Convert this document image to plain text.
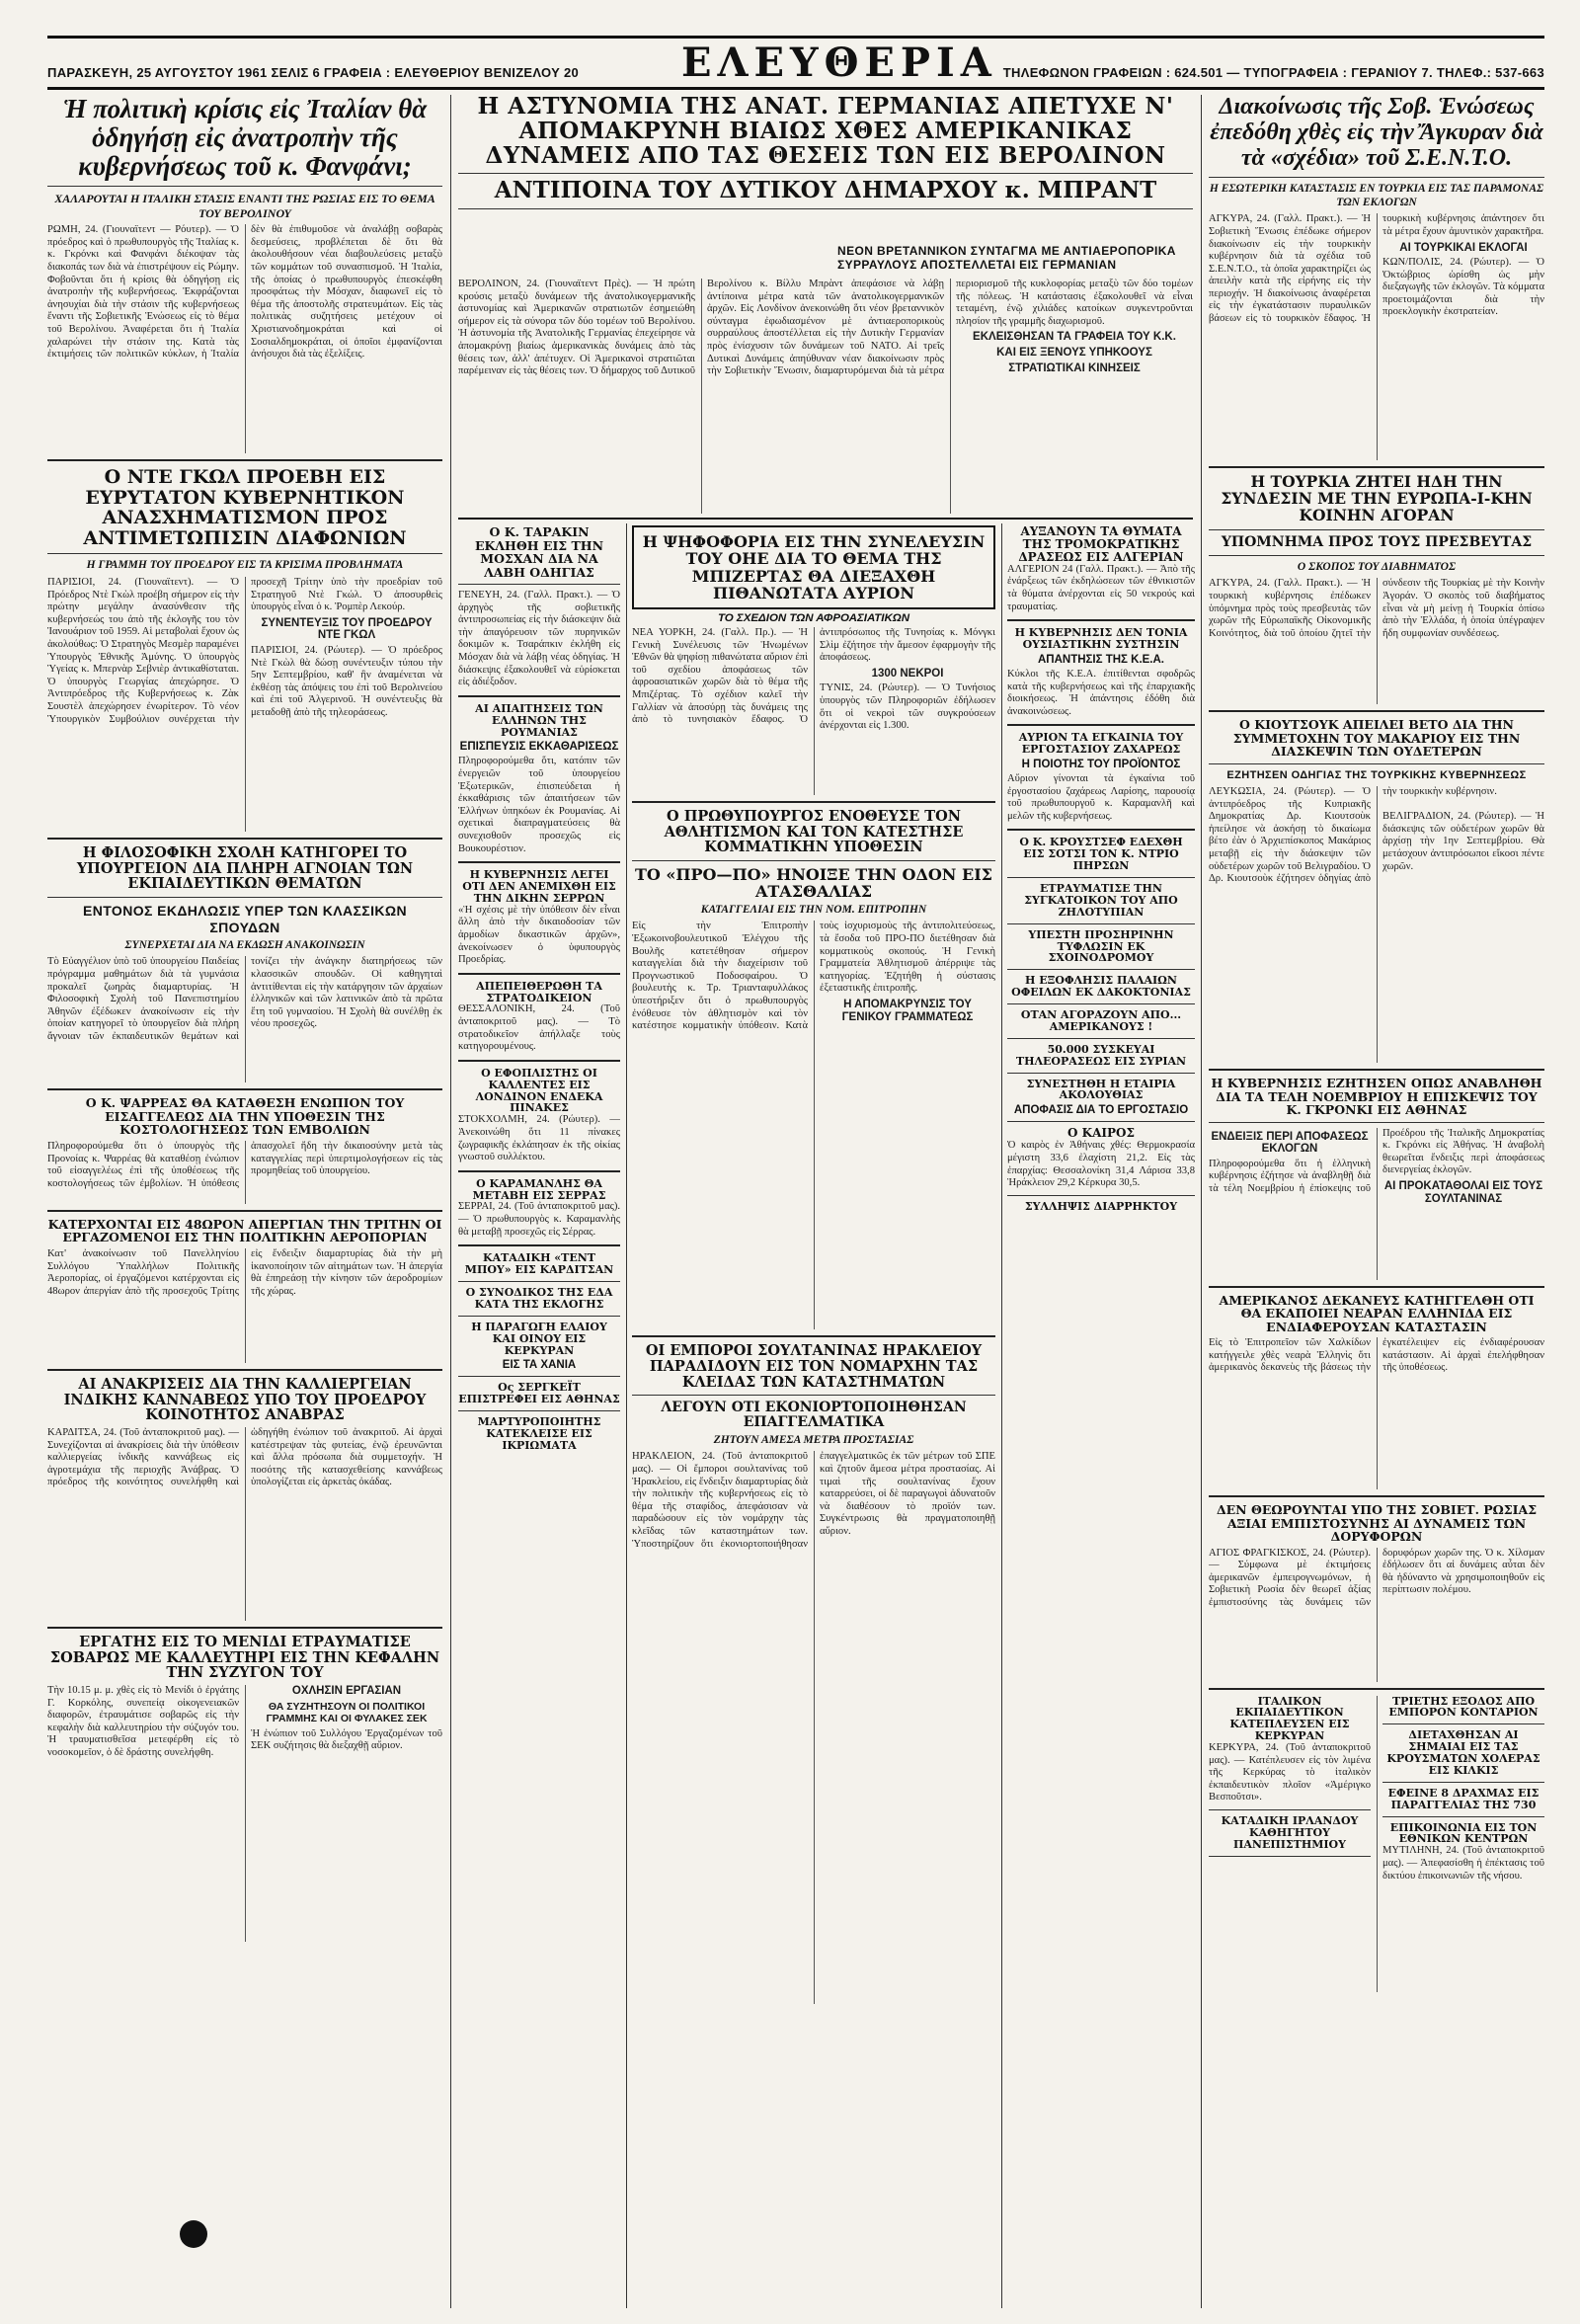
ΕΛΕΥΘΕΡΙΑ
ΠΑΡΑΣΚΕΥΗ, 25 ΑΥΓΟΥΣΤΟΥ 1961 ΣΕΛΙΣ 6 ΓΡΑΦΕΙΑ : ΕΛΕΥΘΕΡΙΟΥ ΒΕΝΙΖΕΛΟΥ 20	ΤΗΛΕΦΩΝΟΝ ΓΡΑΦΕΙΩΝ : 624.501 — ΤΥΠΟΓΡΑΦΕΙΑ : ΓΕΡΑΝΙΟΥ 7. ΤΗΛΕΦ.: 537-663
Ἡ πολιτικὴ κρίσις εἰς Ἰταλίαν θὰ ὁδηγήσῃ εἰς ἀνατροπὴν τῆς κυβερνήσεως τοῦ κ. Φανφάνι;
ΧΑΛΑΡΟΥΤΑΙ Η ΙΤΑΛΙΚΗ ΣΤΑΣΙΣ ΕΝΑΝΤΙ ΤΗΣ ΡΩΣΙΑΣ ΕΙΣ ΤΟ ΘΕΜΑ ΤΟΥ ΒΕΡΟΛΙΝΟΥ
ΡΩΜΗ, 24. (Γιουναϊτεντ — Ρόυτερ). — Ὁ πρόεδρος καὶ ὁ πρωθυπουργὸς τῆς Ἰταλίας κ. κ. Γκρόνκι καὶ Φανφάνι διέκοψαν τὰς διακοπάς των διὰ νὰ ἐπιστρέψουν εἰς Ρώμην. Φοβοῦνται ὅτι ἡ κρίσις θὰ ὁδηγήσῃ εἰς ἀνατροπὴν τῆς κυβερνήσεως. Ἐκφράζονται ἀνησυχίαι διὰ τὴν στάσιν τῆς κυβερνήσεως ἔναντι τῆς Σοβιετικῆς Ἑνώσεως εἰς τὸ θέμα τοῦ Βερολίνου. Ἀναφέρεται ὅτι ἡ Ἰταλία χαλαρώνει τὴν στάσιν της. Κατὰ τὰς ἐκτιμήσεις τῶν πολιτικῶν κύκλων, ἡ Ἰταλία δὲν θὰ ἐπιθυμοῦσε νὰ ἀναλάβῃ σοβαρὰς δεσμεύσεις, προβλέπεται δὲ ὅτι θὰ ἀκολουθήσουν νέαι διαβουλεύσεις μεταξὺ τῶν κομμάτων τοῦ συνασπισμοῦ. Ἡ Ἰταλία, τῆς ὁποίας ὁ πρωθυπουργὸς ἐπεσκέφθη προσφάτως τὴν Μόσχαν, διαφωνεῖ εἰς τὸ θέμα τῆς ἀποστολῆς στρατευμάτων. Εἰς τὰς πολιτικὰς συζητήσεις μετέχουν οἱ Χριστιανοδημοκράται καὶ οἱ Σοσιαλδημοκράται, οἱ ὁποῖοι ἐμφανίζονται ἀνήσυχοι διὰ τὰς ἐξελίξεις.
Ο ΝΤΕ ΓΚΩΛ ΠΡΟΕΒΗ ΕΙΣ ΕΥΡΥΤΑΤΟΝ ΚΥΒΕΡΝΗΤΙΚΟΝ ΑΝΑΣΧΗΜΑΤΙΣΜΟΝ ΠΡΟΣ ΑΝΤΙΜΕΤΩΠΙΣΙΝ ΔΙΑΦΩΝΙΩΝ
Η ΓΡΑΜΜΗ ΤΟΥ ΠΡΟΕΔΡΟΥ ΕΙΣ ΤΑ ΚΡΙΣΙΜΑ ΠΡΟΒΛΗΜΑΤΑ
ΠΑΡΙΣΙΟΙ, 24. (Γιουναϊτεντ). — Ὁ Πρόεδρος Ντὲ Γκὼλ προέβη σήμερον εἰς τὴν πρώτην μεγάλην ἀνασύνθεσιν τῆς κυβερνήσεώς του ἀπὸ τῆς ἐκλογῆς του τὸν Ἰανουάριον τοῦ 1959. Αἱ μεταβολαὶ ἔχουν ὡς ἀκολούθως: Ὁ Στρατηγὸς Μεσμὲρ παραμένει Ὑπουργὸς Ἐθνικῆς Ἀμύνης. Ὁ ὑπουργὸς Ὑγείας κ. Μπερνὰρ Σεβνιὲρ ἀντικαθίσταται. Ὁ ὑπουργὸς Γεωργίας ἀπεχώρησε. Ὁ Ἀντιπρόεδρος τῆς Κυβερνήσεως κ. Ζὰκ Σουστὲλ ἀπεχώρησεν ἐνωρίτερον. Τὸ νέον Ὑπουργικὸν Συμβούλιον συνέρχεται τὴν προσεχῆ Τρίτην ὑπὸ τὴν προεδρίαν τοῦ Στρατηγοῦ Ντὲ Γκώλ. Ὁ ἀποσυρθεὶς ὑπουργὸς εἶναι ὁ κ. Ῥομπὲρ Λεκούρ.
ΣΥΝΕΝΤΕΥΞΙΣ ΤΟΥ ΠΡΟΕΔΡΟΥ ΝΤΕ ΓΚΩΛ
ΠΑΡΙΣΙΟΙ, 24. (Ρώυτερ). — Ὁ πρόεδρος Ντὲ Γκὼλ θὰ δώσῃ συνέντευξιν τύπου τὴν 5ην Σεπτεμβρίου, καθ' ἣν ἀναμένεται νὰ ἐκθέσῃ τὰς ἀπόψεις του ἐπὶ τοῦ Βερολινείου καὶ ἐπὶ τοῦ Ἀλγερινοῦ. Ἡ συνέντευξις θὰ μεταδοθῇ ἀπὸ τῆς τηλεοράσεως.
Η ΦΙΛΟΣΟΦΙΚΗ ΣΧΟΛΗ ΚΑΤΗΓΟΡΕΙ ΤΟ ΥΠΟΥΡΓΕΙΟΝ ΔΙΑ ΠΛΗΡΗ ΑΓΝΟΙΑΝ ΤΩΝ ΕΚΠΑΙΔΕΥΤΙΚΩΝ ΘΕΜΑΤΩΝ
ΕΝΤΟΝΟΣ ΕΚΔΗΛΩΣΙΣ ΥΠΕΡ ΤΩΝ ΚΛΑΣΣΙΚΩΝ ΣΠΟΥΔΩΝ
ΣΥΝΕΡΧΕΤΑΙ ΔΙΑ ΝΑ ΕΚΔΩΣΗ ΑΝΑΚΟΙΝΩΣΙΝ
Τὸ Εὐαγγέλιον ὑπὸ τοῦ ὑπουργείου Παιδείας πρόγραμμα μαθημάτων διὰ τὰ γυμνάσια προκαλεῖ ζωηρὰς διαμαρτυρίας. Ἡ Φιλοσοφικὴ Σχολὴ τοῦ Πανεπιστημίου Ἀθηνῶν ἐξέδωκεν ἀνακοίνωσιν εἰς τὴν ὁποίαν κατηγορεῖ τὸ ὑπουργεῖον διὰ πλήρη ἄγνοιαν τῶν ἐκπαιδευτικῶν θεμάτων καὶ τονίζει τὴν ἀνάγκην διατηρήσεως τῶν κλασσικῶν σπουδῶν. Οἱ καθηγηταὶ ἀντιτίθενται εἰς τὴν κατάργησιν τῶν ἀρχαίων ἑλληνικῶν καὶ τῶν λατινικῶν ἀπὸ τὰ πρῶτα ἔτη τοῦ γυμνασίου. Ἡ Σχολὴ θὰ συνέλθῃ ἐκ νέου προσεχῶς.
Ο Κ. ΨΑΡΡΕΑΣ ΘΑ ΚΑΤΑΘΕΣΗ ΕΝΩΠΙΟΝ ΤΟΥ ΕΙΣΑΓΓΕΛΕΩΣ ΔΙΑ ΤΗΝ ΥΠΟΘΕΣΙΝ ΤΗΣ ΚΟΣΤΟΛΟΓΗΣΕΩΣ ΤΩΝ ΕΜΒΟΛΙΩΝ
Πληροφορούμεθα ὅτι ὁ ὑπουργὸς τῆς Προνοίας κ. Ψαρρέας θὰ καταθέσῃ ἐνώπιον τοῦ εἰσαγγελέως ἐπὶ τῆς ὑποθέσεως τῆς κοστολογήσεως τῶν ἐμβολίων. Ἡ ὑπόθεσις ἀπασχολεῖ ἤδη τὴν δικαιοσύνην μετὰ τὰς καταγγελίας περὶ ὑπερτιμολογήσεων εἰς τὰς προμηθείας τοῦ ὑπουργείου.
ΚΑΤΕΡΧΟΝΤΑΙ ΕΙΣ 48ΩΡΟΝ ΑΠΕΡΓΙΑΝ ΤΗΝ ΤΡΙΤΗΝ ΟΙ ΕΡΓΑΖΟΜΕΝΟΙ ΕΙΣ ΤΗΝ ΠΟΛΙΤΙΚΗΝ ΑΕΡΟΠΟΡΙΑΝ
Κατ' ἀνακοίνωσιν τοῦ Πανελληνίου Συλλόγου Ὑπαλλήλων Πολιτικῆς Ἀεροπορίας, οἱ ἐργαζόμενοι κατέρχονται εἰς 48ωρον ἀπεργίαν ἀπὸ τῆς προσεχοῦς Τρίτης εἰς ἔνδειξιν διαμαρτυρίας διὰ τὴν μὴ ἱκανοποίησιν τῶν αἰτημάτων των. Ἡ ἀπεργία θὰ ἐπηρεάσῃ τὴν κίνησιν τῶν ἀεροδρομίων τῆς χώρας.
ΑΙ ΑΝΑΚΡΙΣΕΙΣ ΔΙΑ ΤΗΝ ΚΑΛΛΙΕΡΓΕΙΑΝ ΙΝΔΙΚΗΣ ΚΑΝΝΑΒΕΩΣ ΥΠΟ ΤΟΥ ΠΡΟΕΔΡΟΥ ΚΟΙΝΟΤΗΤΟΣ ΑΝΑΒΡΑΣ
ΚΑΡΔΙΤΣΑ, 24. (Τοῦ ἀνταποκριτοῦ μας). — Συνεχίζονται αἱ ἀνακρίσεις διὰ τὴν ὑπόθεσιν καλλιεργείας ἰνδικῆς καννάβεως εἰς ἀγροτεμάχια τῆς περιοχῆς Ἀνάβρας. Ὁ πρόεδρος τῆς κοινότητος συνελήφθη καὶ ὡδηγήθη ἐνώπιον τοῦ ἀνακριτοῦ. Αἱ ἀρχαὶ κατέστρεψαν τὰς φυτείας, ἐνῷ ἐρευνῶνται καὶ ἄλλα πρόσωπα διὰ συμμετοχήν. Ἡ ποσότης τῆς κατασχεθείσης καννάβεως ὑπολογίζεται εἰς ἀρκετὰς ὀκάδας.
ΕΡΓΑΤΗΣ ΕΙΣ ΤΟ ΜΕΝΙΔΙ ΕΤΡΑΥΜΑΤΙΣΕ ΣΟΒΑΡΩΣ ΜΕ ΚΑΛΛΕΥΤΗΡΙ ΕΙΣ ΤΗΝ ΚΕΦΑΛΗΝ ΤΗΝ ΣΥΖΥΓΟΝ ΤΟΥ
Τὴν 10.15 μ. μ. χθὲς εἰς τὸ Μενίδι ὁ ἐργάτης Γ. Κορκόλης, συνεπείᾳ οἰκογενειακῶν διαφορῶν, ἐτραυμάτισε σοβαρῶς εἰς τὴν κεφαλὴν διὰ καλλευτηρίου τὴν σύζυγόν του. Ἡ τραυματισθεῖσα μετεφέρθη εἰς τὸ νοσοκομεῖον, ὁ δὲ δράστης συνελήφθη.
ΟΧΛΗΣΙΝ ΕΡΓΑΣΙΑΝ
ΘΑ ΣΥΖΗΤΗΣΟΥΝ ΟΙ ΠΟΛΙΤΙΚΟΙ ΓΡΑΜΜΗΣ ΚΑΙ ΟΙ ΦΥΛΑΚΕΣ ΣΕΚ
Ἡ ἐνώπιον τοῦ Συλλόγου Ἐργαζομένων τοῦ ΣΕΚ συζήτησις θὰ διεξαχθῇ αὔριον.
Η ΑΣΤΥΝΟΜΙΑ ΤΗΣ ΑΝΑΤ. ΓΕΡΜΑΝΙΑΣ ΑΠΕΤΥΧΕ Ν' ΑΠΟΜΑΚΡΥΝΗ ΒΙΑΙΩΣ ΧΘΕΣ ΑΜΕΡΙΚΑΝΙΚΑΣ ΔΥΝΑΜΕΙΣ ΑΠΟ ΤΑΣ ΘΕΣΕΙΣ ΤΩΝ ΕΙΣ ΒΕΡΟΛΙΝΟΝ
ΑΝΤΙΠΟΙΝΑ ΤΟΥ ΔΥΤΙΚΟΥ ΔΗΜΑΡΧΟΥ κ. ΜΠΡΑΝΤ
ΝΕΟΝ ΒΡΕΤΑΝΝΙΚΟΝ ΣΥΝΤΑΓΜΑ ΜΕ ΑΝΤΙΑΕΡΟΠΟΡΙΚΑ ΣΥΡΡΑΥΛΟΥΣ ΑΠΟΣΤΕΛΛΕΤΑΙ ΕΙΣ ΓΕΡΜΑΝΙΑΝ
ΒΕΡΟΛΙΝΟΝ, 24. (Γιουναϊτεντ Πρὲς). — Ἡ πρώτη κρούσις μεταξὺ δυνάμεων τῆς ἀνατολικογερμανικῆς ἀστυνομίας καὶ Ἀμερικανῶν στρατιωτῶν ἐσημειώθη σήμερον εἰς τὰ σύνορα τῶν δύο τομέων τοῦ Βερολίνου. Ἡ ἀστυνομία τῆς Ἀνατολικῆς Γερμανίας ἐπεχείρησε νὰ ἀπομακρύνῃ βιαίως ἀμερικανικὰς δυνάμεις ἀπὸ τὰς θέσεις των, ἀλλ' ἀπέτυχεν. Οἱ Ἀμερικανοὶ στρατιῶται παρέμειναν εἰς τὰς θέσεις των. Ὁ δήμαρχος τοῦ Δυτικοῦ Βερολίνου κ. Βίλλυ Μπρὰντ ἀπεφάσισε νὰ λάβῃ ἀντίποινα μέτρα κατὰ τῶν ἀνατολικογερμανικῶν ἀρχῶν. Εἰς Λονδίνον ἀνεκοινώθη ὅτι νέον βρεταννικὸν σύνταγμα ἐφωδιασμένον μὲ ἀντιαεροπορικοὺς συρραύλους ἀποστέλλεται εἰς τὴν Δυτικὴν Γερμανίαν πρὸς ἐνίσχυσιν τῶν δυνάμεων τοῦ ΝΑΤΟ. Αἱ τρεῖς Δυτικαὶ Δυνάμεις ἀπηύθυναν νέαν διακοίνωσιν πρὸς τὴν Σοβιετικὴν Ἕνωσιν, διαμαρτυρόμεναι διὰ τὰ μέτρα περιορισμοῦ τῆς κυκλοφορίας μεταξὺ τῶν δύο τομέων τῆς πόλεως. Ἡ κατάστασις ἐξακολουθεῖ νὰ εἶναι τεταμένη, ἐνῷ χιλιάδες κατοίκων συγκεντροῦνται πλησίον τῆς γραμμῆς διαχωρισμοῦ.
ΕΚΛΕΙΣΘΗΣΑΝ ΤΑ ΓΡΑΦΕΙΑ ΤΟΥ Κ.Κ.
ΚΑΙ ΕΙΣ ΞΕΝΟΥΣ ΥΠΗΚΟΟΥΣ
ΣΤΡΑΤΙΩΤΙΚΑΙ ΚΙΝΗΣΕΙΣ
Ο Κ. ΤΑΡΑΚΙΝ ΕΚΛΗΘΗ ΕΙΣ ΤΗΝ ΜΟΣΧΑΝ ΔΙΑ ΝΑ ΛΑΒΗ ΟΔΗΓΙΑΣ
ΓΕΝΕΥΗ, 24. (Γαλλ. Πρακτ.). — Ὁ ἀρχηγὸς τῆς σοβιετικῆς ἀντιπροσωπείας εἰς τὴν διάσκεψιν διὰ τὴν ἀπαγόρευσιν τῶν πυρηνικῶν δοκιμῶν κ. Τσαράπκιν ἐκλήθη εἰς Μόσχαν διὰ νὰ λάβῃ νέας ὁδηγίας. Ἡ διάσκεψις ἐξακολουθεῖ νὰ εὑρίσκεται εἰς ἀδιέξοδον.
ΑΙ ΑΠΑΙΤΗΣΕΙΣ ΤΩΝ ΕΛΛΗΝΩΝ ΤΗΣ ΡΟΥΜΑΝΙΑΣ
ΕΠΙΣΠΕΥΣΙΣ ΕΚΚΑΘΑΡΙΣΕΩΣ
Πληροφορούμεθα ὅτι, κατόπιν τῶν ἐνεργειῶν τοῦ ὑπουργείου Ἐξωτερικῶν, ἐπισπεύδεται ἡ ἐκκαθάρισις τῶν ἀπαιτήσεων τῶν Ἑλλήνων ὑπηκόων ἐκ Ρουμανίας. Αἱ σχετικαὶ διαπραγματεύσεις θὰ συνεχισθοῦν προσεχῶς εἰς Βουκουρέστιον.
Η ΚΥΒΕΡΝΗΣΙΣ ΛΕΓΕΙ ΟΤΙ ΔΕΝ ΑΝΕΜΙΧΘΗ ΕΙΣ ΤΗΝ ΔΙΚΗΝ ΣΕΡΡΩΝ
«Ἡ σχέσις μὲ τὴν ὑπόθεσιν δὲν εἶναι ἄλλη ἀπὸ τὴν δικαιοδοσίαν τῶν ἀρμοδίων δικαστικῶν ἀρχῶν», ἀνεκοίνωσεν ὁ ὑφυπουργὸς Προεδρίας.
ΑΠΕΠΕΙΘΕΡΩΘΗ ΤΑ ΣΤΡΑΤΟΔΙΚΕΙΟΝ
ΘΕΣΣΑΛΟΝΙΚΗ, 24. (Τοῦ ἀνταποκριτοῦ μας). — Τὸ στρατοδικεῖον ἀπήλλαξε τοὺς κατηγορουμένους.
Ο ΕΦΟΠΛΙΣΤΗΣ ΟΙ ΚΑΛΛΕΝΤΕΣ ΕΙΣ ΛΟΝΔΙΝΟΝ ΕΝΔΕΚΑ ΠΙΝΑΚΕΣ
ΣΤΟΚΧΟΛΜΗ, 24. (Ρώυτερ). — Ἀνεκοινώθη ὅτι 11 πίνακες ζωγραφικῆς ἐκλάπησαν ἐκ τῆς οἰκίας γνωστοῦ συλλέκτου.
Ο ΚΑΡΑΜΑΝΛΗΣ ΘΑ ΜΕΤΑΒΗ ΕΙΣ ΣΕΡΡΑΣ
ΣΕΡΡΑΙ, 24. (Τοῦ ἀνταποκριτοῦ μας). — Ὁ πρωθυπουργὸς κ. Καραμανλὴς θὰ μεταβῇ προσεχῶς εἰς Σέρρας.
ΚΑΤΑΔΙΚΗ «ΤΕΝΤ ΜΠΟΥ» ΕΙΣ ΚΑΡΔΙΤΣΑΝ
Ο ΣΥΝΟΔΙΚΟΣ ΤΗΣ ΕΔΑ ΚΑΤΑ ΤΗΣ ΕΚΛΟΓΗΣ
Η ΠΑΡΑΓΩΓΗ ΕΛΑΙΟΥ ΚΑΙ ΟΙΝΟΥ ΕΙΣ ΚΕΡΚΥΡΑΝ
ΕΙΣ ΤΑ ΧΑΝΙΑ
Ος ΣΕΡΓΚΕΪΤ ΕΠΙΣΤΡΕΦΕΙ ΕΙΣ ΑΘΗΝΑΣ
ΜΑΡΤΥΡΟΠΟΙΗΤΗΣ ΚΑΤΕΚΛΕΙΣΕ ΕΙΣ ΙΚΡΙΩΜΑΤΑ
Η ΨΗΦΟΦΟΡΙΑ ΕΙΣ ΤΗΝ ΣΥΝΕΛΕΥΣΙΝ ΤΟΥ ΟΗΕ ΔΙΑ ΤΟ ΘΕΜΑ ΤΗΣ ΜΠΙΖΕΡΤΑΣ ΘΑ ΔΙΕΞΑΧΘΗ ΠΙΘΑΝΩΤΑΤΑ ΑΥΡΙΟΝ
ΤΟ ΣΧΕΔΙΟΝ ΤΩΝ ΑΦΡΟΑΣΙΑΤΙΚΩΝ
ΝΕΑ ΥΟΡΚΗ, 24. (Γαλλ. Πρ.). — Ἡ Γενικὴ Συνέλευσις τῶν Ἡνωμένων Ἐθνῶν θὰ ψηφίσῃ πιθανώτατα αὔριον ἐπὶ τοῦ σχεδίου ἀποφάσεως τῶν ἀφροασιατικῶν χωρῶν διὰ τὸ θέμα τῆς Μπιζέρτας. Τὸ σχέδιον καλεῖ τὴν Γαλλίαν νὰ ἀποσύρῃ τὰς δυνάμεις της ἀπὸ τὸ τυνησιακὸν ἔδαφος. Ὁ ἀντιπρόσωπος τῆς Τυνησίας κ. Μόνγκι Σλὶμ ἐζήτησε τὴν ἄμεσον ἐφαρμογὴν τῆς ἀποφάσεως.
1300 ΝΕΚΡΟΙ
ΤΥΝΙΣ, 24. (Ρώυτερ). — Ὁ Τυνήσιος ὑπουργὸς τῶν Πληροφοριῶν ἐδήλωσεν ὅτι οἱ νεκροὶ τῶν συγκρούσεων ἀνέρχονται εἰς 1.300.
Ο ΠΡΩΘΥΠΟΥΡΓΟΣ ΕΝΟΘΕΥΣΕ ΤΟΝ ΑΘΛΗΤΙΣΜΟΝ ΚΑΙ ΤΟΝ ΚΑΤΕΣΤΗΣΕ ΚΟΜΜΑΤΙΚΗΝ ΥΠΟΘΕΣΙΝ
ΤΟ «ΠΡΟ—ΠΟ» ΗΝΟΙΞΕ ΤΗΝ ΟΔΟΝ ΕΙΣ ΑΤΑΣΘΑΛΙΑΣ
ΚΑΤΑΓΓΕΛΙΑΙ ΕΙΣ ΤΗΝ ΝΟΜ. ΕΠΙΤΡΟΠΗΝ
Εἰς τὴν Ἐπιτροπὴν Ἐξωκοινοβουλευτικοῦ Ἐλέγχου τῆς Βουλῆς κατετέθησαν σήμερον καταγγελίαι διὰ τὴν διαχείρισιν τοῦ Προγνωστικοῦ Ποδοσφαίρου. Ὁ βουλευτὴς κ. Τρ. Τριανταφυλλάκος ὑπεστήριξεν ὅτι ὁ πρωθυπουργὸς ἐνόθευσε τὸν ἀθλητισμὸν καὶ τὸν κατέστησε κομματικὴν ὑπόθεσιν. Κατὰ τοὺς ἰσχυρισμοὺς τῆς ἀντιπολιτεύσεως, τὰ ἔσοδα τοῦ ΠΡΟ-ΠΟ διετέθησαν διὰ κομματικοὺς σκοπούς. Ἡ Γενικὴ Γραμματεία Ἀθλητισμοῦ ἀπέρριψε τὰς κατηγορίας. Ἐζητήθη ἡ σύστασις ἐξεταστικῆς ἐπιτροπῆς.
Η ΑΠΟΜΑΚΡΥΝΣΙΣ ΤΟΥ ΓΕΝΙΚΟΥ ΓΡΑΜΜΑΤΕΩΣ
ΟΙ ΕΜΠΟΡΟΙ ΣΟΥΛΤΑΝΙΝΑΣ ΗΡΑΚΛΕΙΟΥ ΠΑΡΑΔΙΔΟΥΝ ΕΙΣ ΤΟΝ ΝΟΜΑΡΧΗΝ ΤΑΣ ΚΛΕΙΔΑΣ ΤΩΝ ΚΑΤΑΣΤΗΜΑΤΩΝ
ΛΕΓΟΥΝ ΟΤΙ ΕΚΟΝΙΟΡΤΟΠΟΙΗΘΗΣΑΝ ΕΠΑΓΓΕΛΜΑΤΙΚΑ
ΖΗΤΟΥΝ ΑΜΕΣΑ ΜΕΤΡΑ ΠΡΟΣΤΑΣΙΑΣ
ΗΡΑΚΛΕΙΟΝ, 24. (Τοῦ ἀνταποκριτοῦ μας). — Οἱ ἔμποροι σουλτανίνας τοῦ Ἡρακλείου, εἰς ἔνδειξιν διαμαρτυρίας διὰ τὴν πολιτικὴν τῆς κυβερνήσεως εἰς τὸ θέμα τῆς σταφίδος, ἀπεφάσισαν νὰ παραδώσουν εἰς τὸν νομάρχην τὰς κλεῖδας τῶν καταστημάτων των. Ὑποστηρίζουν ὅτι ἐκονιορτοποιήθησαν ἐπαγγελματικῶς ἐκ τῶν μέτρων τοῦ ΣΠΕ καὶ ζητοῦν ἄμεσα μέτρα προστασίας. Αἱ τιμαὶ τῆς σουλτανίνας ἔχουν καταρρεύσει, οἱ δὲ παραγωγοὶ ἀδυνατοῦν νὰ διαθέσουν τὸ προϊόν των. Συγκέντρωσις θὰ πραγματοποιηθῇ αὔριον.
ΑΥΞΑΝΟΥΝ ΤΑ ΘΥΜΑΤΑ ΤΗΣ ΤΡΟΜΟΚΡΑΤΙΚΗΣ ΔΡΑΣΕΩΣ ΕΙΣ ΑΛΓΕΡΙΑΝ
ΑΛΓΕΡΙΟΝ 24 (Γαλλ. Πρακτ.). — Ἀπὸ τῆς ἐνάρξεως τῶν ἐκδηλώσεων τῶν ἐθνικιστῶν τὰ θύματα ἀνέρχονται εἰς 50 νεκρούς καὶ τραυματίας.
Η ΚΥΒΕΡΝΗΣΙΣ ΔΕΝ ΤΟΝΙΑ ΟΥΣΙΑΣΤΙΚΗΝ ΣΥΣΤΗΣΙΝ
ΑΠΑΝΤΗΣΙΣ ΤΗΣ Κ.Ε.Α.
Κύκλοι τῆς Κ.Ε.Α. ἐπιτίθενται σφοδρῶς κατὰ τῆς κυβερνήσεως καὶ τῆς ἐπαρχιακῆς διοικήσεως. Ἡ ἀπάντησις ἐδόθη διὰ ἀνακοινώσεως.
ΑΥΡΙΟΝ ΤΑ ΕΓΚΑΙΝΙΑ ΤΟΥ ΕΡΓΟΣΤΑΣΙΟΥ ΖΑΧΑΡΕΩΣ
Η ΠΟΙΟΤΗΣ ΤΟΥ ΠΡΟΪΟΝΤΟΣ
Αὔριον γίνονται τὰ ἐγκαίνια τοῦ ἐργοστασίου ζαχάρεως Λαρίσης, παρουσίᾳ τοῦ πρωθυπουργοῦ κ. Καραμανλῆ καὶ μελῶν τῆς κυβερνήσεως.
Ο Κ. ΚΡΟΥΣΤΣΕΦ ΕΔΕΧΘΗ ΕΙΣ ΣΟΤΣΙ ΤΟΝ Κ. ΝΤΡΙΟ ΠΗΡΣΩΝ
ΕΤΡΑΥΜΑΤΙΣΕ ΤΗΝ ΣΥΓΚΑΤΟΙΚΟΝ ΤΟΥ ΑΠΟ ΖΗΛΟΤΥΠΙΑΝ
ΥΠΕΣΤΗ ΠΡΟΣΗΡΙΝΗΝ ΤΥΦΛΩΣΙΝ ΕΚ ΣΧΟΙΝΟΔΡΟΜΟΥ
Η ΕΞΟΦΛΗΣΙΣ ΠΑΛΑΙΩΝ ΟΦΕΙΛΩΝ ΕΚ ΔΑΚΟΚΤΟΝΙΑΣ
ΟΤΑΝ ΑΓΟΡΑΖΟΥΝ ΑΠΟ... ΑΜΕΡΙΚΑΝΟΥΣ !
50.000 ΣΥΣΚΕΥΑΙ ΤΗΛΕΟΡΑΣΕΩΣ ΕΙΣ ΣΥΡΙΑΝ
ΣΥΝΕΣΤΗΘΗ Η ΕΤΑΙΡΙΑ ΑΚΟΛΟΥΘΙΑΣ
ΑΠΟΦΑΣΙΣ ΔΙΑ ΤΟ ΕΡΓΟΣΤΑΣΙΟ
Ο ΚΑΙΡΟΣ
Ὁ καιρὸς ἐν Ἀθήναις χθές: Θερμοκρασία μέγιστη 33,6 ἐλαχίστη 21,2. Εἰς τὰς ἐπαρχίας: Θεσσαλονίκη 31,4 Λάρισα 33,8 Ἡράκλειον 29,2 Κέρκυρα 30,5.
ΣΥΛΛΗΨΙΣ ΔΙΑΡΡΗΚΤΟΥ
Διακοίνωσις τῆς Σοβ. Ἑνώσεως ἐπεδόθη χθὲς εἰς τὴν Ἄγκυραν διὰ τὰ «σχέδια» τοῦ Σ.Ε.Ν.Τ.Ο.
Η ΕΣΩΤΕΡΙΚΗ ΚΑΤΑΣΤΑΣΙΣ ΕΝ ΤΟΥΡΚΙΑ ΕΙΣ ΤΑΣ ΠΑΡΑΜΟΝΑΣ ΤΩΝ ΕΚΛΟΓΩΝ
ΑΓΚΥΡΑ, 24. (Γαλλ. Πρακτ.). — Ἡ Σοβιετικὴ Ἕνωσις ἐπέδωκε σήμερον διακοίνωσιν εἰς τὴν τουρκικὴν κυβέρνησιν διὰ τὰ σχέδια τοῦ Σ.Ε.Ν.Τ.Ο., τὰ ὁποῖα χαρακτηρίζει ὡς ἀπειλὴν κατὰ τῆς εἰρήνης εἰς τὴν περιοχήν. Ἡ διακοίνωσις ἀναφέρεται εἰς τὴν ἐγκατάστασιν πυραυλικῶν βάσεων εἰς τὸ τουρκικὸν ἔδαφος. Ἡ τουρκικὴ κυβέρνησις ἀπάντησεν ὅτι τὰ μέτρα ἔχουν ἀμυντικὸν χαρακτῆρα.
ΑΙ ΤΟΥΡΚΙΚΑΙ ΕΚΛΟΓΑΙ
ΚΩΝ/ΠΟΛΙΣ, 24. (Ρώυτερ). — Ὁ Ὀκτώβριος ὡρίσθη ὡς μὴν διεξαγωγῆς τῶν ἐκλογῶν. Τὰ κόμματα προετοιμάζονται διὰ τὴν προεκλογικὴν ἐκστρατείαν.
Η ΤΟΥΡΚΙΑ ΖΗΤΕΙ ΗΔΗ ΤΗΝ ΣΥΝΔΕΣΙΝ ΜΕ ΤΗΝ ΕΥΡΩΠΑ-Ι-ΚΗΝ ΚΟΙΝΗΝ ΑΓΟΡΑΝ
ΥΠΟΜΝΗΜΑ ΠΡΟΣ ΤΟΥΣ ΠΡΕΣΒΕΥΤΑΣ
Ο ΣΚΟΠΟΣ ΤΟΥ ΔΙΑΒΗΜΑΤΟΣ
ΑΓΚΥΡΑ, 24. (Γαλλ. Πρακτ.). — Ἡ τουρκικὴ κυβέρνησις ἐπέδωκεν ὑπόμνημα πρὸς τοὺς πρεσβευτὰς τῶν χωρῶν τῆς Εὐρωπαϊκῆς Οἰκονομικῆς Κοινότητος, διὰ τοῦ ὁποίου ζητεῖ τὴν σύνδεσιν τῆς Τουρκίας μὲ τὴν Κοινὴν Ἀγοράν. Ὁ σκοπὸς τοῦ διαβήματος εἶναι νὰ μὴ μείνῃ ἡ Τουρκία ὀπίσω ἀπὸ τὴν Ἑλλάδα, ἡ ὁποία ὑπέγραψεν ἤδη συμφωνίαν συνδέσεως.
Ο ΚΙΟΥΤΣΟΥΚ ΑΠΕΙΛΕΙ ΒΕΤΟ ΔΙΑ ΤΗΝ ΣΥΜΜΕΤΟΧΗΝ ΤΟΥ ΜΑΚΑΡΙΟΥ ΕΙΣ ΤΗΝ ΔΙΑΣΚΕΨΙΝ ΤΩΝ ΟΥΔΕΤΕΡΩΝ
ΕΖΗΤΗΣΕΝ ΟΔΗΓΙΑΣ ΤΗΣ ΤΟΥΡΚΙΚΗΣ ΚΥΒΕΡΝΗΣΕΩΣ
ΛΕΥΚΩΣΙΑ, 24. (Ρώυτερ). — Ὁ ἀντιπρόεδρος τῆς Κυπριακῆς Δημοκρατίας Δρ. Κιουτσοὺκ ἠπείλησε νὰ ἀσκήσῃ τὸ δικαίωμα βέτο ἐὰν ὁ Ἀρχιεπίσκοπος Μακάριος μεταβῇ εἰς τὴν διάσκεψιν τῶν οὐδετέρων χωρῶν τοῦ Βελιγραδίου. Ὁ Δρ. Κιουτσοὺκ ἐζήτησεν ὁδηγίας ἀπὸ τὴν τουρκικὴν κυβέρνησιν.

ΒΕΛΙΓΡΑΔΙΟΝ, 24. (Ρώυτερ). — Ἡ διάσκεψις τῶν οὐδετέρων χωρῶν θὰ ἀρχίσῃ τὴν 1ην Σεπτεμβρίου. Θὰ μετάσχουν ἀντιπρόσωποι εἴκοσι πέντε χωρῶν.
Η ΚΥΒΕΡΝΗΣΙΣ ΕΖΗΤΗΣΕΝ ΟΠΩΣ ΑΝΑΒΛΗΘΗ ΔΙΑ ΤΑ ΤΕΛΗ ΝΟΕΜΒΡΙΟΥ Η ΕΠΙΣΚΕΨΙΣ ΤΟΥ Κ. ΓΚΡΟΝΚΙ ΕΙΣ ΑΘΗΝΑΣ
ΕΝΔΕΙΞΙΣ ΠΕΡΙ ΑΠΟΦΑΣΕΩΣ ΕΚΛΟΓΩΝ
Πληροφορούμεθα ὅτι ἡ ἑλληνικὴ κυβέρνησις ἐζήτησε νὰ ἀναβληθῇ διὰ τὰ τέλη Νοεμβρίου ἡ ἐπίσκεψις τοῦ Προέδρου τῆς Ἰταλικῆς Δημοκρατίας κ. Γκρόνκι εἰς Ἀθήνας. Ἡ ἀναβολὴ θεωρεῖται ἔνδειξις περὶ ἀποφάσεως διενεργείας ἐκλογῶν.
ΑΙ ΠΡΟΚΑΤΑΘΟΛΑΙ ΕΙΣ ΤΟΥΣ ΣΟΥΛΤΑΝΙΝΑΣ
ΑΜΕΡΙΚΑΝΟΣ ΔΕΚΑΝΕΥΣ ΚΑΤΗΓΓΕΛΘΗ ΟΤΙ ΘΑ ΕΚΑΠΟΙΕΙ ΝΕΑΡΑΝ ΕΛΛΗΝΙΔΑ ΕΙΣ ΕΝΔΙΑΦΕΡΟΥΣΑΝ ΚΑΤΑΣΤΑΣΙΝ
Εἰς τὸ Ἐπιτροπεῖον τῶν Χαλκίδων κατήγγειλε χθὲς νεαρὰ Ἑλληνὶς ὅτι ἀμερικανὸς δεκανεὺς τῆς βάσεως τὴν ἐγκατέλειψεν εἰς ἐνδιαφέρουσαν κατάστασιν. Αἱ ἀρχαὶ ἐπελήφθησαν τῆς ὑποθέσεως.
ΔΕΝ ΘΕΩΡΟΥΝΤΑΙ ΥΠΟ ΤΗΣ ΣΟΒΙΕΤ. ΡΩΣΙΑΣ ΑΞΙΑΙ ΕΜΠΙΣΤΟΣΥΝΗΣ ΑΙ ΔΥΝΑΜΕΙΣ ΤΩΝ ΔΟΡΥΦΟΡΩΝ
ΑΓΙΟΣ ΦΡΑΓΚΙΣΚΟΣ, 24. (Ρώυτερ). — Σύμφωνα μὲ ἐκτιμήσεις ἀμερικανῶν ἐμπειρογνωμόνων, ἡ Σοβιετικὴ Ρωσία δὲν θεωρεῖ ἀξίας ἐμπιστοσύνης τὰς δυνάμεις τῶν δορυφόρων χωρῶν της. Ὁ κ. Χίλσμαν ἐδήλωσεν ὅτι αἱ δυνάμεις αὗται δὲν θὰ ἠδύναντο νὰ χρησιμοποιηθοῦν εἰς περίπτωσιν πολέμου.
ΙΤΑΛΙΚΟΝ ΕΚΠΑΙΔΕΥΤΙΚΟΝ ΚΑΤΕΠΛΕΥΣΕΝ ΕΙΣ ΚΕΡΚΥΡΑΝ
ΚΕΡΚΥΡΑ, 24. (Τοῦ ἀνταποκριτοῦ μας). — Κατέπλευσεν εἰς τὸν λιμένα τῆς Κερκύρας τὸ ἰταλικὸν ἐκπαιδευτικὸν πλοῖον «Ἀμέριγκο Βεσποῦτσι».
ΚΑΤΑΔΙΚΗ ΙΡΛΑΝΔΟΥ ΚΑΘΗΓΗΤΟΥ ΠΑΝΕΠΙΣΤΗΜΙΟΥ
ΤΡΙΕΤΗΣ ΕΞΟΔΟΣ ΑΠΟ ΕΜΠΟΡΟΝ ΚΟΝΤΑΡΙΟΝ
ΔΙΕΤΑΧΘΗΣΑΝ ΑΙ ΣΗΜΑΙΑΙ ΕΙΣ ΤΑΣ ΚΡΟΥΣΜΑΤΩΝ ΧΟΛΕΡΑΣ ΕΙΣ ΚΙΛΚΙΣ
ΕΦΕΙΝΕ 8 ΔΡΑΧΜΑΣ ΕΙΣ ΠΑΡΑΓΓΕΛΙΑΣ ΤΗΣ 730
ΕΠΙΚΟΙΝΩΝΙΑ ΕΙΣ ΤΟΝ ΕΘΝΙΚΩΝ ΚΕΝΤΡΩΝ
ΜΥΤΙΛΗΝΗ, 24. (Τοῦ ἀνταποκριτοῦ μας). — Ἀπεφασίσθη ἡ ἐπέκτασις τοῦ δικτύου ἐπικοινωνιῶν τῆς νήσου.
